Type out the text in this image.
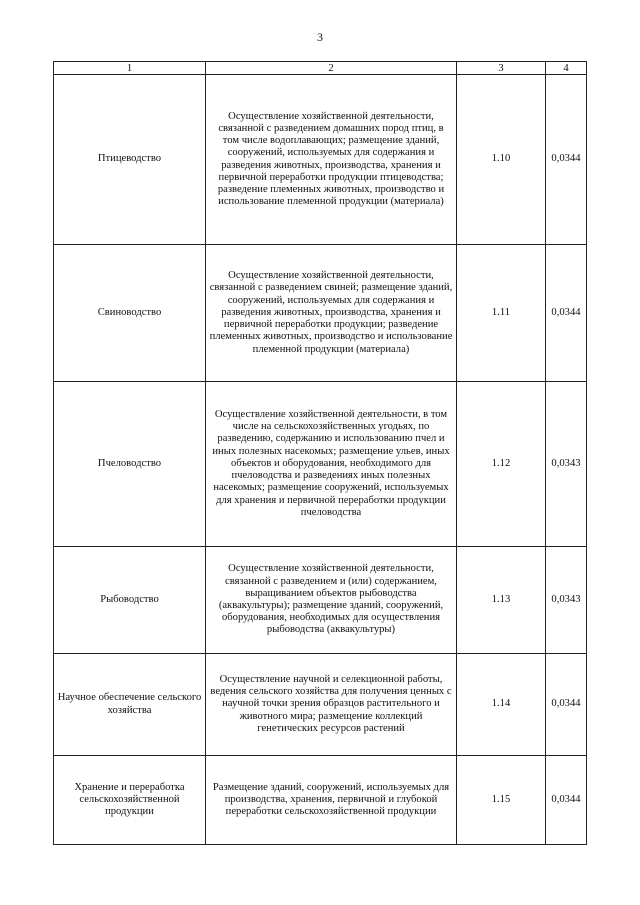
3
1	2	3	4
Птицеводство	Осуществление хозяйственной деятельности, связанной с разведением домашних пород птиц, в том числе водоплавающих; размещение зданий, сооружений, используемых для содержания и разведения животных, производства, хранения и первичной переработки продукции птицеводства; разведение племенных животных, производство и использование племенной продукции (материала)	1.10	0,0344
Свиноводство	Осуществление хозяйственной деятельности, связанной с разведением свиней; размещение зданий, сооружений, используемых для содержания и разведения животных, производства, хранения и первичной переработки продукции; разведение племенных животных, производство и использование племенной продукции (материала)	1.11	0,0344
Пчеловодство	Осуществление хозяйственной деятельности, в том числе на сельскохозяйственных угодьях, по разведению, содержанию и использованию пчел и иных полезных насекомых; размещение ульев, иных объектов и оборудования, необходимого для пчеловодства и разведениях иных полезных насекомых; размещение сооружений, используемых для хранения и первичной переработки продукции пчеловодства	1.12	0,0343
Рыбоводство	Осуществление хозяйственной деятельности, связанной с разведением и (или) содержанием, выращиванием объектов рыбоводства (аквакультуры); размещение зданий, сооружений, оборудования, необходимых для осуществления рыбоводства (аквакультуры)	1.13	0,0343
Научное обеспечение сельского хозяйства	Осуществление научной и селекционной работы, ведения сельского хозяйства для получения ценных с научной точки зрения образцов растительного и животного мира; размещение коллекций генетических ресурсов растений	1.14	0,0344
Хранение и переработка сельскохозяйственной продукции	Размещение зданий, сооружений, используемых для производства, хранения, первичной и глубокой переработки сельскохозяйственной продукции	1.15	0,0344
